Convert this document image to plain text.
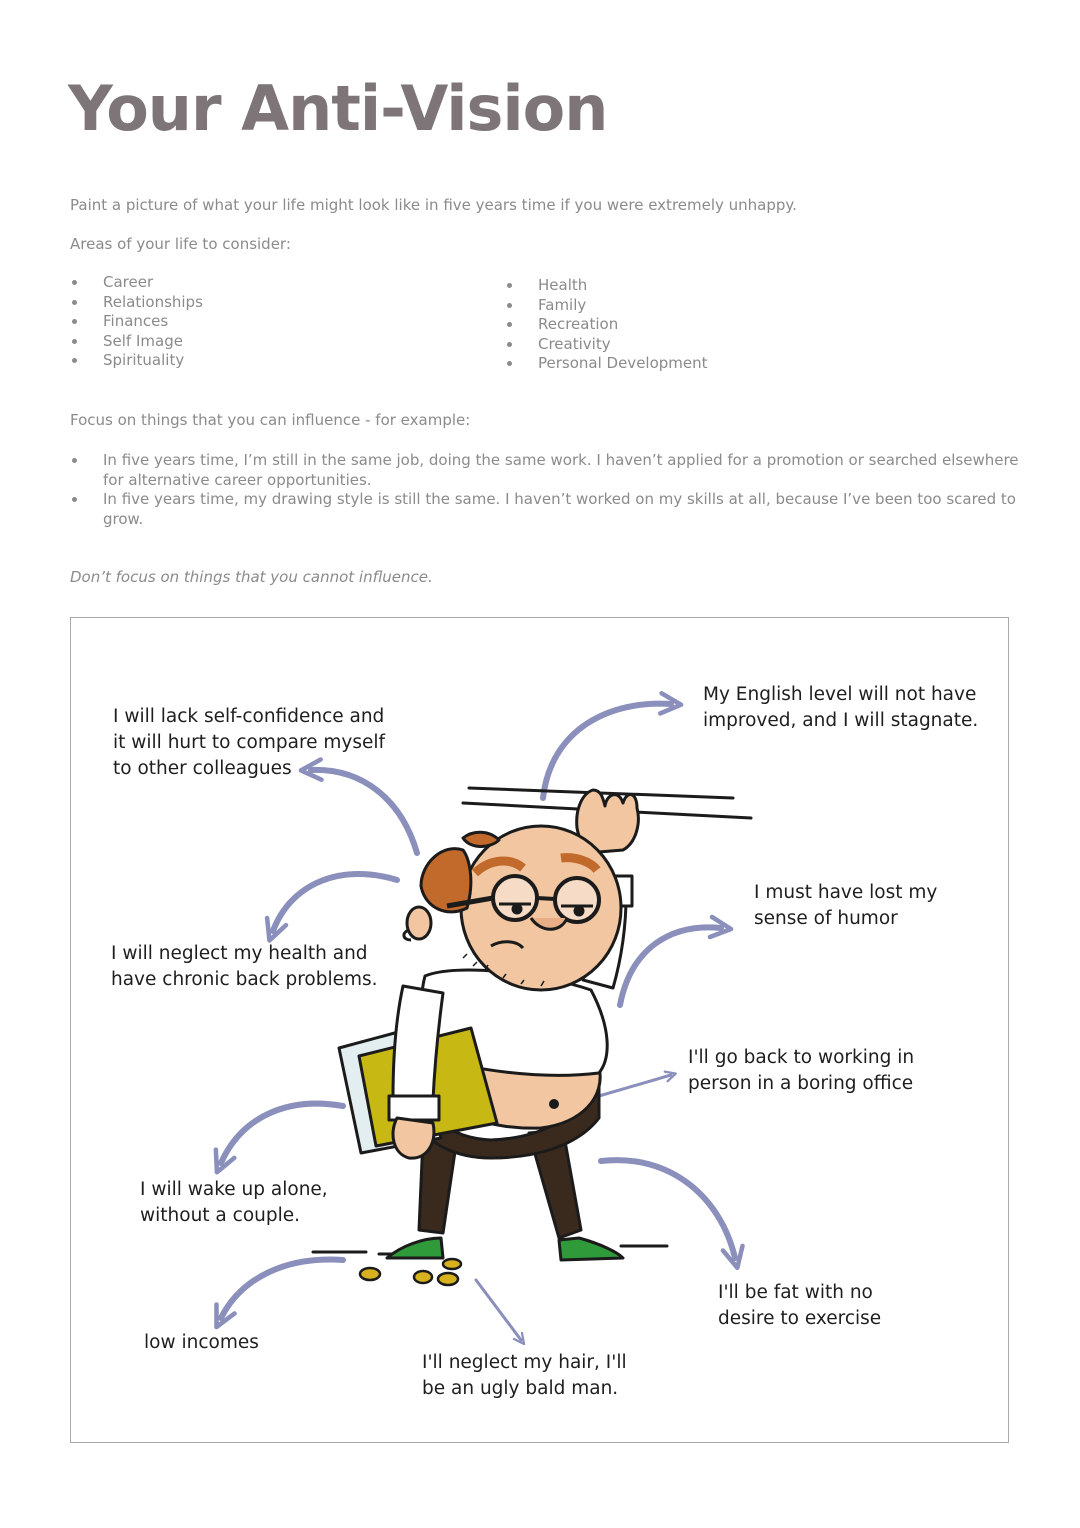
Your Anti-Vision

Paint a picture of what your life might look like in five years time if you were extremely unhappy.

Areas of your life to consider:

Career
Relationships
Finances
Self Image
Spirituality
Health
Family
Recreation
Creativity
Personal Development

Focus on things that you can influence - for example:

In five years time, I’m still in the same job, doing the same work. I haven’t applied for a promotion or searched elsewhere for alternative career opportunities.
In five years time, my drawing style is still the same. I haven’t worked on my skills at all, because I’ve been too scared to grow.

Don’t focus on things that you cannot influence.

I will lack self-confidence and
it will hurt to compare myself
to other colleagues

My English level will not have
improved, and I will stagnate.

I must have lost my
sense of humor

I will neglect my health and
have chronic back problems.

I'll go back to working in
person in a boring office

I will wake up alone,
without a couple.

I'll be fat with no
desire to exercise

low incomes

I'll neglect my hair, I'll
be an ugly bald man.
